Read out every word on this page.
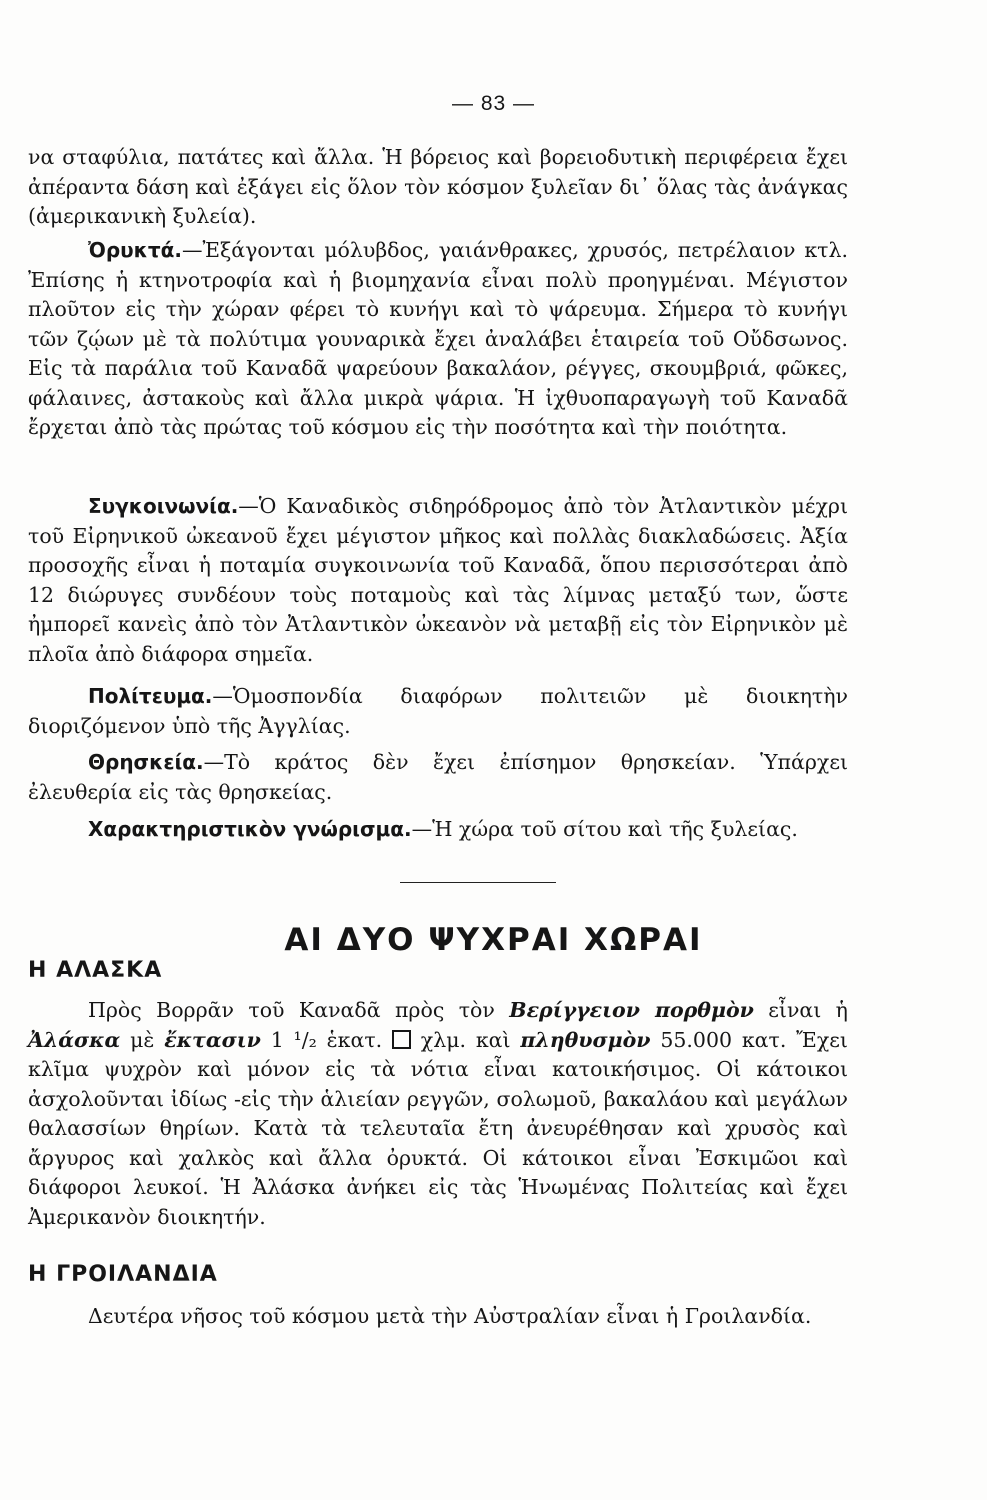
— 83 —

να σταφύλια, πατάτες καὶ ἄλλα. Ἡ βόρειος καὶ βορειοδυτικὴ περιφέρεια ἔχει ἀπέραντα δάση καὶ ἐξάγει εἰς ὅλον τὸν κόσμον ξυλεῖαν δι᾽ ὅλας τὰς ἀνάγκας (ἀμερικανικὴ ξυλεία).

Ὀρυκτά.—Ἐξάγονται μόλυβδος, γαιάνθρακες, χρυσός, πετρέλαιον κτλ. Ἐπίσης ἡ κτηνοτροφία καὶ ἡ βιομηχανία εἶναι πολὺ προηγμέναι. Μέγιστον πλοῦτον εἰς τὴν χώραν φέρει τὸ κυνήγι καὶ τὸ ψάρευμα. Σήμερα τὸ κυνήγι τῶν ζῴων μὲ τὰ πολύτιμα γουναρικὰ ἔχει ἀναλάβει ἑταιρεία τοῦ Οὔδσωνος. Εἰς τὰ παράλια τοῦ Καναδᾶ ψαρεύουν βακαλάον, ρέγγες, σκουμβριά, φῶκες, φάλαινες, ἀστακοὺς καὶ ἄλλα μικρὰ ψάρια. Ἡ ἰχθυοπαραγωγὴ τοῦ Καναδᾶ ἔρχεται ἀπὸ τὰς πρώτας τοῦ κόσμου εἰς τὴν ποσότητα καὶ τὴν ποιότητα.

Συγκοινωνία.—Ὁ Καναδικὸς σιδηρόδρομος ἀπὸ τὸν Ἀτλαντικὸν μέχρι τοῦ Εἰρηνικοῦ ὠκεανοῦ ἔχει μέγιστον μῆκος καὶ πολλὰς διακλαδώσεις. Ἀξία προσοχῆς εἶναι ἡ ποταμία συγκοινωνία τοῦ Καναδᾶ, ὅπου περισσότεραι ἀπὸ 12 διώρυγες συνδέουν τοὺς ποταμοὺς καὶ τὰς λίμνας μεταξύ των, ὥστε ἠμπορεῖ κανεὶς ἀπὸ τὸν Ἀτλαντικὸν ὠκεανὸν νὰ μεταβῇ εἰς τὸν Εἰρηνικὸν μὲ πλοῖα ἀπὸ διάφορα σημεῖα.

Πολίτευμα.—Ὁμοσπονδία διαφόρων πολιτειῶν μὲ διοικητὴν διοριζόμενον ὑπὸ τῆς Ἀγγλίας.

Θρησκεία.—Τὸ κράτος δὲν ἔχει ἐπίσημον θρησκείαν. Ὑπάρχει ἐλευθερία εἰς τὰς θρησκείας.

Χαρακτηριστικὸν γνώρισμα.—Ἡ χώρα τοῦ σίτου καὶ τῆς ξυλείας.

ΑΙ ΔΥΟ ΨΥΧΡΑΙ ΧΩΡΑΙ
Η ΑΛΑΣΚΑ

Πρὸς Βορρᾶν τοῦ Καναδᾶ πρὸς τὸν Βερίγγειον πορθμὸν εἶναι ἡ Ἀλάσκα μὲ ἔκτασιν 1 ¹/₂ ἑκατ. χλμ. καὶ πληθυσμὸν 55.000 κατ. Ἔχει κλῖμα ψυχρὸν καὶ μόνον εἰς τὰ νότια εἶναι κατοικήσιμος. Οἱ κάτοικοι ἀσχολοῦνται ἰδίως -εἰς τὴν ἁλιείαν ρεγγῶν, σολωμοῦ, βακαλάου καὶ μεγάλων θαλασσίων θηρίων. Κατὰ τὰ τελευταῖα ἔτη ἀνευρέθησαν καὶ χρυσὸς καὶ ἄργυρος καὶ χαλκὸς καὶ ἄλλα ὀρυκτά. Οἱ κάτοικοι εἶναι Ἐσκιμῶοι καὶ διάφοροι λευκοί. Ἡ Ἀλάσκα ἀνήκει εἰς τὰς Ἡνωμένας Πολιτείας καὶ ἔχει Ἀμερικανὸν διοικητήν.

Η ΓΡΟΙΛΑΝΔΙΑ

Δευτέρα νῆσος τοῦ κόσμου μετὰ τὴν Αὐστραλίαν εἶναι ἡ Γροιλανδία.
